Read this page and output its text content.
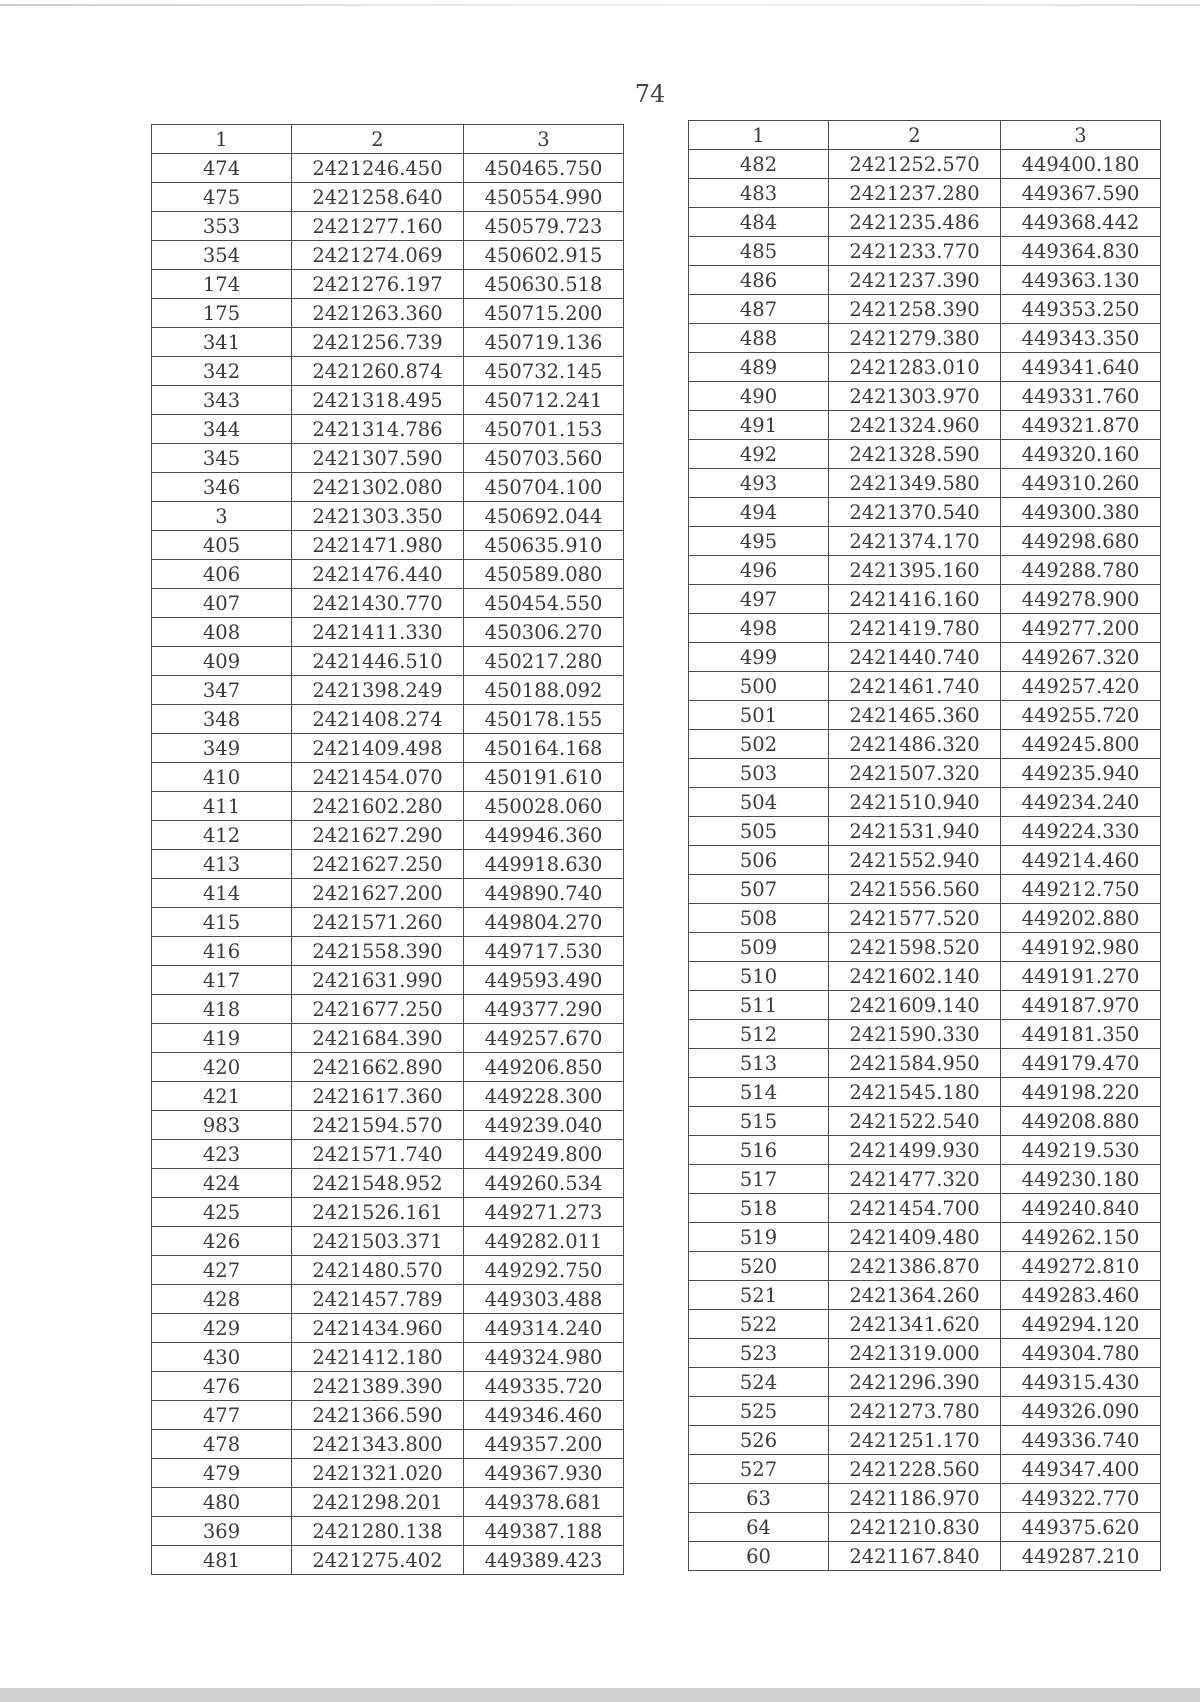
74
1	2	3
474	2421246.450	450465.750
475	2421258.640	450554.990
353	2421277.160	450579.723
354	2421274.069	450602.915
174	2421276.197	450630.518
175	2421263.360	450715.200
341	2421256.739	450719.136
342	2421260.874	450732.145
343	2421318.495	450712.241
344	2421314.786	450701.153
345	2421307.590	450703.560
346	2421302.080	450704.100
3	2421303.350	450692.044
405	2421471.980	450635.910
406	2421476.440	450589.080
407	2421430.770	450454.550
408	2421411.330	450306.270
409	2421446.510	450217.280
347	2421398.249	450188.092
348	2421408.274	450178.155
349	2421409.498	450164.168
410	2421454.070	450191.610
411	2421602.280	450028.060
412	2421627.290	449946.360
413	2421627.250	449918.630
414	2421627.200	449890.740
415	2421571.260	449804.270
416	2421558.390	449717.530
417	2421631.990	449593.490
418	2421677.250	449377.290
419	2421684.390	449257.670
420	2421662.890	449206.850
421	2421617.360	449228.300
983	2421594.570	449239.040
423	2421571.740	449249.800
424	2421548.952	449260.534
425	2421526.161	449271.273
426	2421503.371	449282.011
427	2421480.570	449292.750
428	2421457.789	449303.488
429	2421434.960	449314.240
430	2421412.180	449324.980
476	2421389.390	449335.720
477	2421366.590	449346.460
478	2421343.800	449357.200
479	2421321.020	449367.930
480	2421298.201	449378.681
369	2421280.138	449387.188
481	2421275.402	449389.423
1	2	3
482	2421252.570	449400.180
483	2421237.280	449367.590
484	2421235.486	449368.442
485	2421233.770	449364.830
486	2421237.390	449363.130
487	2421258.390	449353.250
488	2421279.380	449343.350
489	2421283.010	449341.640
490	2421303.970	449331.760
491	2421324.960	449321.870
492	2421328.590	449320.160
493	2421349.580	449310.260
494	2421370.540	449300.380
495	2421374.170	449298.680
496	2421395.160	449288.780
497	2421416.160	449278.900
498	2421419.780	449277.200
499	2421440.740	449267.320
500	2421461.740	449257.420
501	2421465.360	449255.720
502	2421486.320	449245.800
503	2421507.320	449235.940
504	2421510.940	449234.240
505	2421531.940	449224.330
506	2421552.940	449214.460
507	2421556.560	449212.750
508	2421577.520	449202.880
509	2421598.520	449192.980
510	2421602.140	449191.270
511	2421609.140	449187.970
512	2421590.330	449181.350
513	2421584.950	449179.470
514	2421545.180	449198.220
515	2421522.540	449208.880
516	2421499.930	449219.530
517	2421477.320	449230.180
518	2421454.700	449240.840
519	2421409.480	449262.150
520	2421386.870	449272.810
521	2421364.260	449283.460
522	2421341.620	449294.120
523	2421319.000	449304.780
524	2421296.390	449315.430
525	2421273.780	449326.090
526	2421251.170	449336.740
527	2421228.560	449347.400
63	2421186.970	449322.770
64	2421210.830	449375.620
60	2421167.840	449287.210
